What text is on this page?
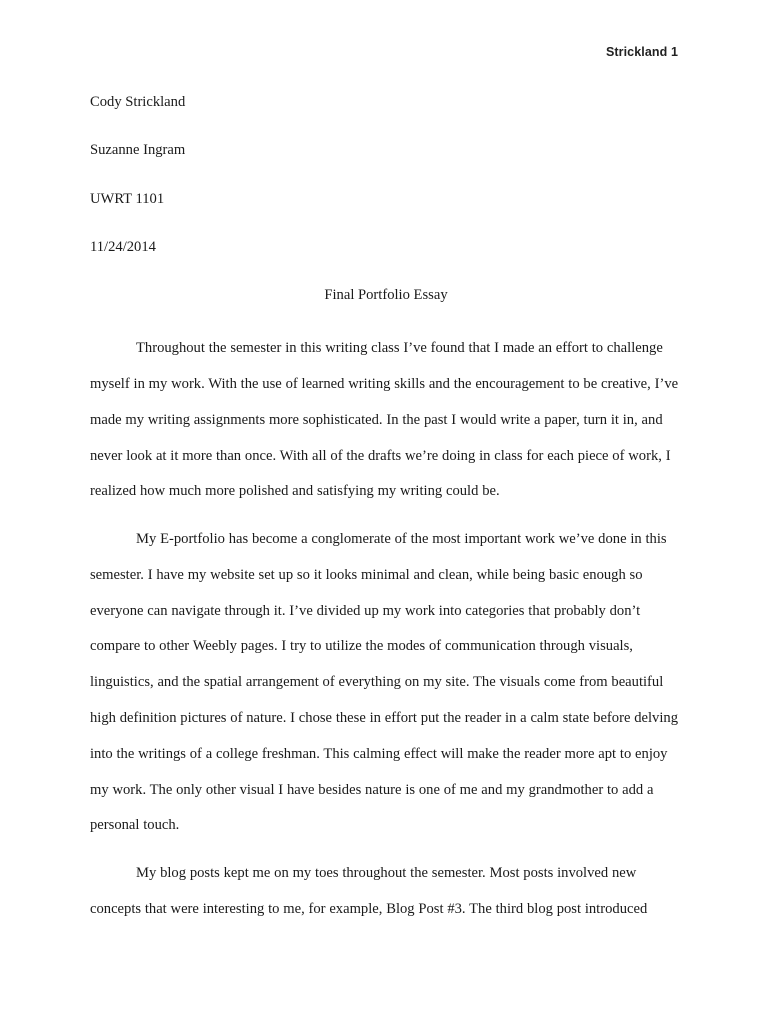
Strickland 1
Cody Strickland
Suzanne Ingram
UWRT 1101
11/24/2014
Final Portfolio Essay

Throughout the semester in this writing class I’ve found that I made an effort to challenge myself in my work. With the use of learned writing skills and the encouragement to be creative, I’ve made my writing assignments more sophisticated. In the past I would write a paper, turn it in, and never look at it more than once. With all of the drafts we’re doing in class for each piece of work, I realized how much more polished and satisfying my writing could be.

My E-portfolio has become a conglomerate of the most important work we’ve done in this semester. I have my website set up so it looks minimal and clean, while being basic enough so everyone can navigate through it. I’ve divided up my work into categories that probably don’t compare to other Weebly pages. I try to utilize the modes of communication through visuals, linguistics, and the spatial arrangement of everything on my site. The visuals come from beautiful high definition pictures of nature. I chose these in effort put the reader in a calm state before delving into the writings of a college freshman. This calming effect will make the reader more apt to enjoy my work. The only other visual I have besides nature is one of me and my grandmother to add a personal touch.

My blog posts kept me on my toes throughout the semester. Most posts involved new concepts that were interesting to me, for example, Blog Post #3. The third blog post introduced
